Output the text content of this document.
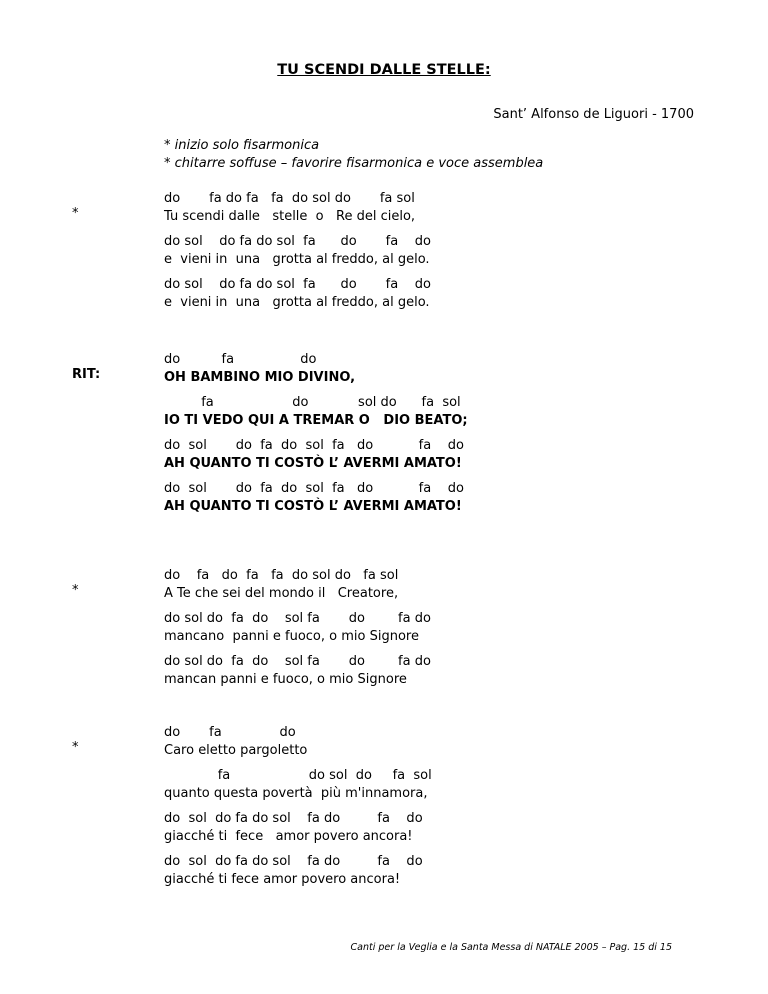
TU SCENDI DALLE STELLE:
Sant’ Alfonso de Liguori - 1700
* inizio solo fisarmonica
* chitarre soffuse – favorire fisarmonica e voce assemblea
*
do       fa do fa   fa  do sol do       fa sol
Tu scendi dalle   stelle  o   Re del cielo,
do sol    do fa do sol  fa      do       fa    do
e  vieni in  una   grotta al freddo, al gelo.
do sol    do fa do sol  fa      do       fa    do
e  vieni in  una   grotta al freddo, al gelo.
RIT:
do          fa                do
OH BAMBINO MIO DIVINO,
fa                   do            sol do      fa  sol
IO TI VEDO QUI A TREMAR O   DIO BEATO;
do  sol       do  fa  do  sol  fa   do           fa    do
AH QUANTO TI COSTÒ L’ AVERMI AMATO!
do  sol       do  fa  do  sol  fa   do           fa    do
AH QUANTO TI COSTÒ L’ AVERMI AMATO!
*
do    fa   do  fa   fa  do sol do   fa sol
A Te che sei del mondo il   Creatore,
do sol do  fa  do    sol fa       do        fa do
mancano  panni e fuoco, o mio Signore
do sol do  fa  do    sol fa       do        fa do
mancan panni e fuoco, o mio Signore
*
do       fa              do
Caro eletto pargoletto
fa                   do sol  do     fa  sol
quanto questa povertà  più m'innamora,
do  sol  do fa do sol    fa do         fa    do
giacché ti  fece   amor povero ancora!
do  sol  do fa do sol    fa do         fa    do
giacché ti fece amor povero ancora!
Canti per la Veglia e la Santa Messa di NATALE 2005 – Pag. 15 di 15
